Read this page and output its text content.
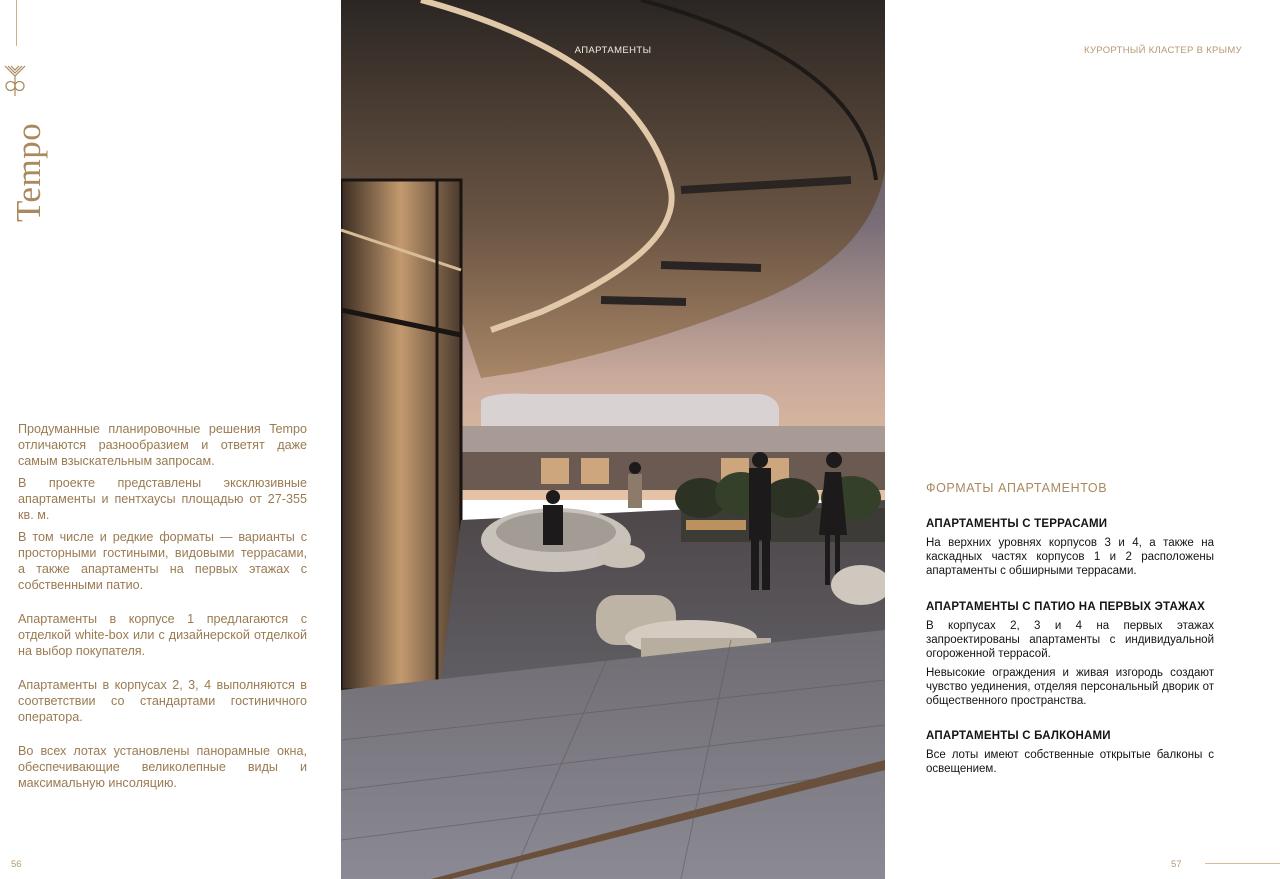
Tempo

Продуманные планировочные решения Tempo отличаются разнообразием и ответят даже самым взыскательным запросам.

В проекте представлены эксклюзивные апартаменты и пентхаусы площадью от 27-355 кв. м.

В том числе и редкие форматы — варианты с просторными гостиными, видовыми террасами, а также апартаменты на первых этажах с собственными патио.

Апартаменты в корпусе 1 предлагаются с отделкой white-box или с дизайнерской отделкой на выбор покупателя.

Апартаменты в корпусах 2, 3, 4 выполняются в соответствии со стандартами гостиничного оператора.

Во всех лотах установлены панорамные окна, обеспечивающие великолепные виды и максимальную инсоляцию.

56
АПАРТАМЕНТЫ	КУРОРТНЫЙ КЛАСТЕР В КРЫМУ
ФОРМАТЫ АПАРТАМЕНТОВ
АПАРТАМЕНТЫ С ТЕРРАСАМИ

На верхних уровнях корпусов 3 и 4, а также на каскадных частях корпусов 1 и 2 расположены апартаменты с обширными террасами.

АПАРТАМЕНТЫ С ПАТИО НА ПЕРВЫХ ЭТАЖАХ

В корпусах 2, 3 и 4 на первых этажах запроектированы апартаменты с индивидуальной огороженной террасой.

Невысокие ограждения и живая изгородь создают чувство уединения, отделяя персональный дворик от общественного пространства.

АПАРТАМЕНТЫ С БАЛКОНАМИ

Все лоты имеют собственные открытые балконы с освещением.

57
